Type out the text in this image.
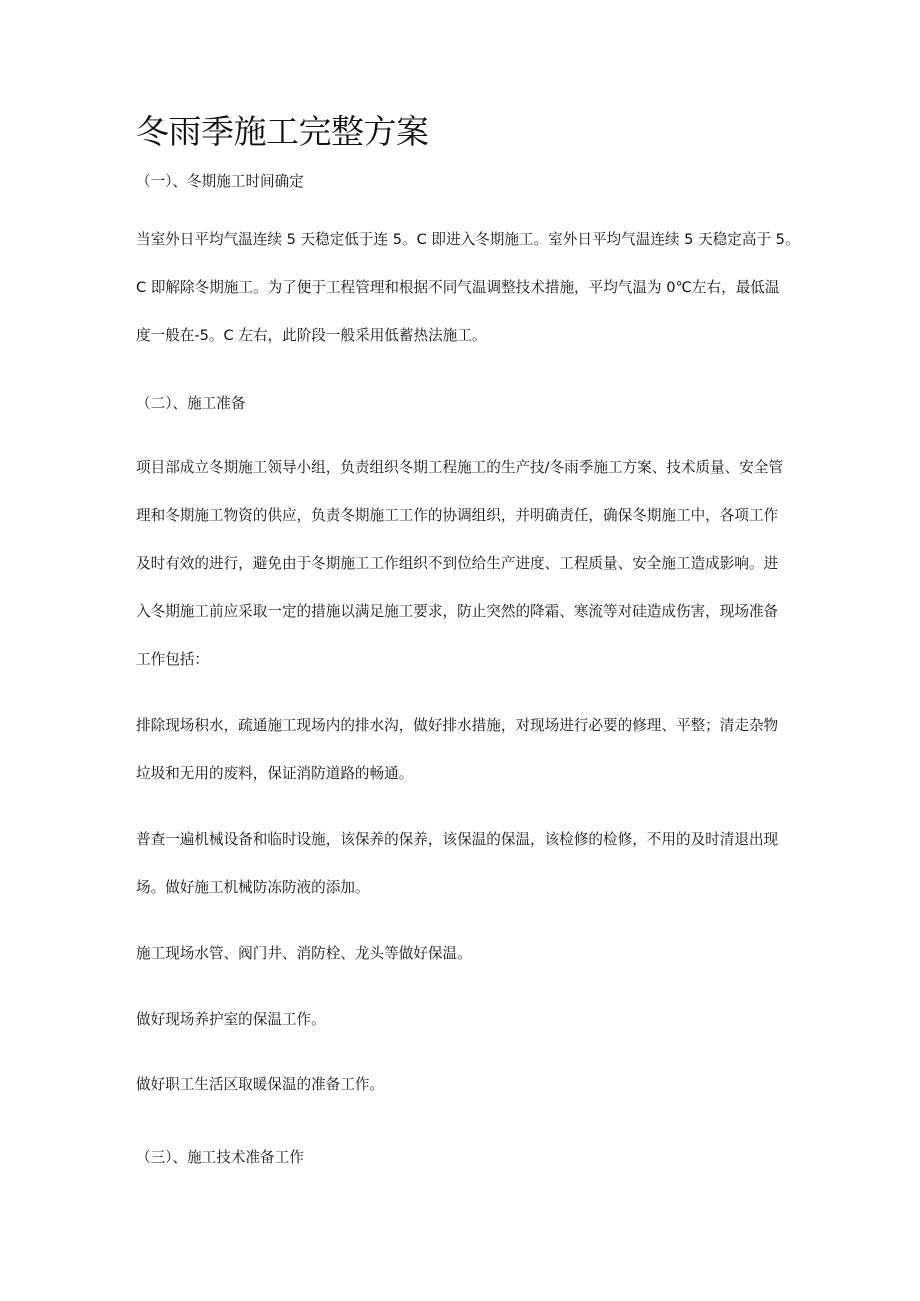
冬雨季施工完整方案
（一）、冬期施工时间确定
当室外日平均气温连续 5 天稳定低于连 5。C 即进入冬期施工。室外日平均气温连续 5 天稳定高于 5。
C 即解除冬期施工。为了便于工程管理和根据不同气温调整技术措施，平均气温为 0℃左右，最低温
度一般在-5。C 左右，此阶段一般采用低蓄热法施工。
（二）、施工准备
项目部成立冬期施工领导小组，负责组织冬期工程施工的生产技/冬雨季施工方案、技术质量、安全管
理和冬期施工物资的供应，负责冬期施工工作的协调组织，并明确责任，确保冬期施工中，各项工作
及时有效的进行，避免由于冬期施工工作组织不到位给生产进度、工程质量、安全施工造成影响。进
入冬期施工前应采取一定的措施以满足施工要求，防止突然的降霜、寒流等对硅造成伤害，现场准备
工作包括：
排除现场积水，疏通施工现场内的排水沟，做好排水措施，对现场进行必要的修理、平整；清走杂物
垃圾和无用的废料，保证消防道路的畅通。
普查一遍机械设备和临时设施，该保养的保养，该保温的保温，该检修的检修，不用的及时清退出现
场。做好施工机械防冻防液的添加。
施工现场水管、阀门井、消防栓、龙头等做好保温。
做好现场养护室的保温工作。
做好职工生活区取暖保温的准备工作。
（三）、施工技术准备工作
